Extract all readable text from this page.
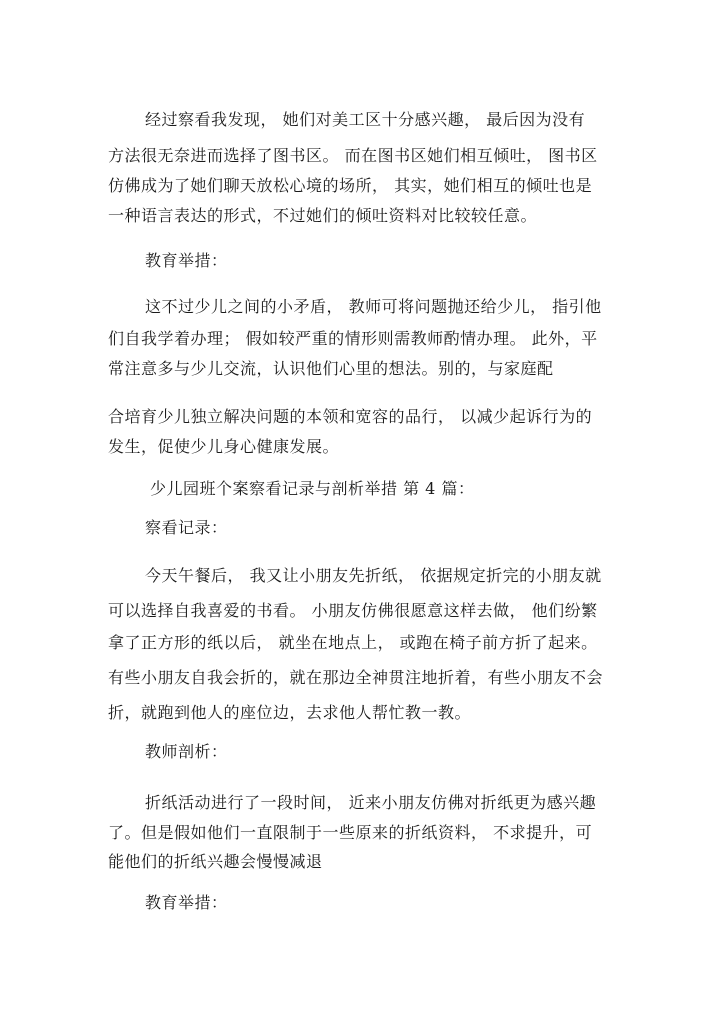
经过察看我发现， 她们对美工区十分感兴趣， 最后因为没有
方法很无奈进而选择了图书区。 而在图书区她们相互倾吐， 图书区
仿佛成为了她们聊天放松心境的场所， 其实，她们相互的倾吐也是
一种语言表达的形式，不过她们的倾吐资料对比较较任意。
教育举措：
这不过少儿之间的小矛盾， 教师可将问题抛还给少儿， 指引他
们自我学着办理； 假如较严重的情形则需教师酌情办理。 此外，平
常注意多与少儿交流，认识他们心里的想法。别的，与家庭配
合培育少儿独立解决问题的本领和宽容的品行， 以减少起诉行为的
发生，促使少儿身心健康发展。
少儿园班个案察看记录与剖析举措 第 4 篇：
察看记录：
今天午餐后， 我又让小朋友先折纸， 依据规定折完的小朋友就
可以选择自我喜爱的书看。 小朋友仿佛很愿意这样去做， 他们纷繁
拿了正方形的纸以后， 就坐在地点上， 或跑在椅子前方折了起来。
有些小朋友自我会折的，就在那边全神贯注地折着，有些小朋友不会
折，就跑到他人的座位边，去求他人帮忙教一教。
教师剖析：
折纸活动进行了一段时间， 近来小朋友仿佛对折纸更为感兴趣
了。但是假如他们一直限制于一些原来的折纸资料， 不求提升，可
能他们的折纸兴趣会慢慢减退
教育举措：
